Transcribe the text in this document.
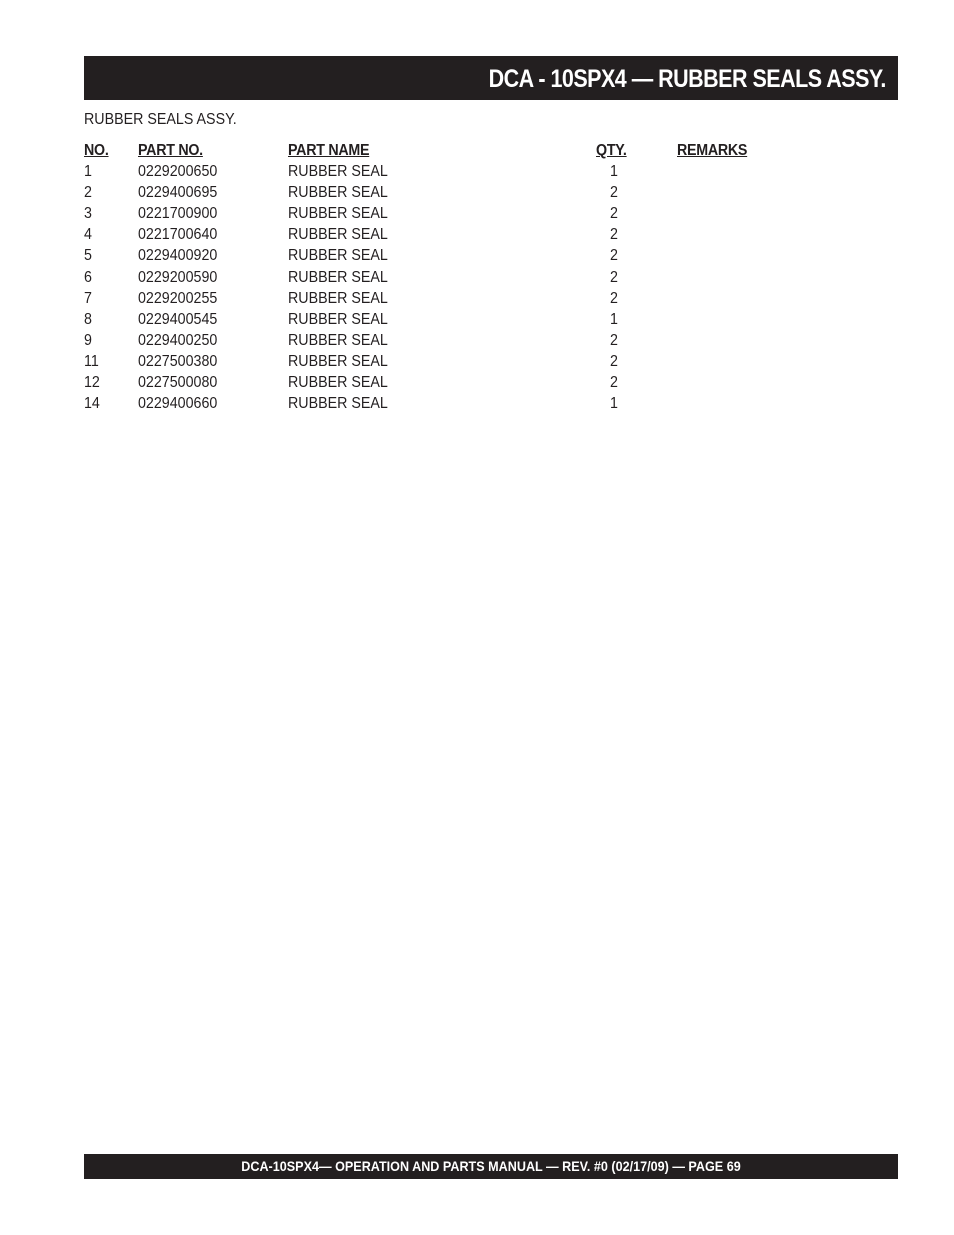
DCA - 10SPX4 — RUBBER SEALS ASSY.
RUBBER SEALS ASSY.
NO. PART NO.	PART NAME	QTY.	REMARKS
1	0229200650	RUBBER SEAL	1
2	0229400695	RUBBER SEAL	2
3	0221700900	RUBBER SEAL	2
4	0221700640	RUBBER SEAL	2
5	0229400920	RUBBER SEAL	2
6	0229200590	RUBBER SEAL	2
7	0229200255	RUBBER SEAL	2
8	0229400545	RUBBER SEAL	1
9	0229400250	RUBBER SEAL	2
11	0227500380	RUBBER SEAL	2
12 0227500080	RUBBER SEAL	2
14 0229400660	RUBBER SEAL	1
DCA-10SPX4— OPERATION AND PARTS MANUAL — REV. #0 (02/17/09) — PAGE 69
